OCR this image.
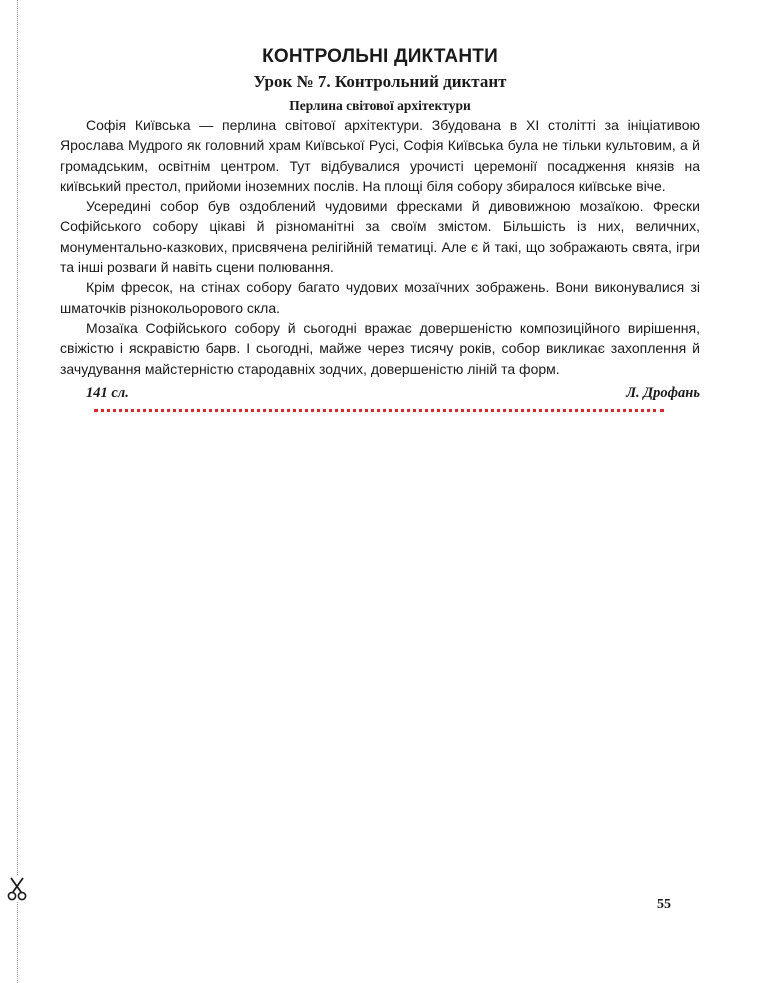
КОНТРОЛЬНІ ДИКТАНТИ
Урок № 7. Контрольний диктант
Перлина світової архітектури

Софія Київська — перлина світової архітектури. Збудована в XI столітті за ініціативою Ярослава Мудрого як головний храм Київської Русі, Софія Київська була не тільки культовим, а й громадським, освітнім центром. Тут відбувалися урочисті церемонії посадження князів на київський престол, прийоми іноземних послів. На площі біля собору збиралося київське віче.

Усередині собор був оздоблений чудовими фресками й дивовижною мозаїкою. Фрески Софійського собору цікаві й різноманітні за своїм змістом. Більшість із них, величних, монументально-казкових, присвячена релігійній тематиці. Але є й такі, що зображають свята, ігри та інші розваги й навіть сцени полювання.

Крім фресок, на стінах собору багато чудових мозаїчних зображень. Вони виконувалися зі шматочків різнокольорового скла.

Мозаїка Софійського собору й сьогодні вражає довершеністю композиційного вирішення, свіжістю і яскравістю барв. І сьогодні, майже через тисячу років, собор викликає захоплення й зачудування майстерністю стародавніх зодчих, довершеністю ліній та форм.

141 сл.	Л. Дрофань
55
